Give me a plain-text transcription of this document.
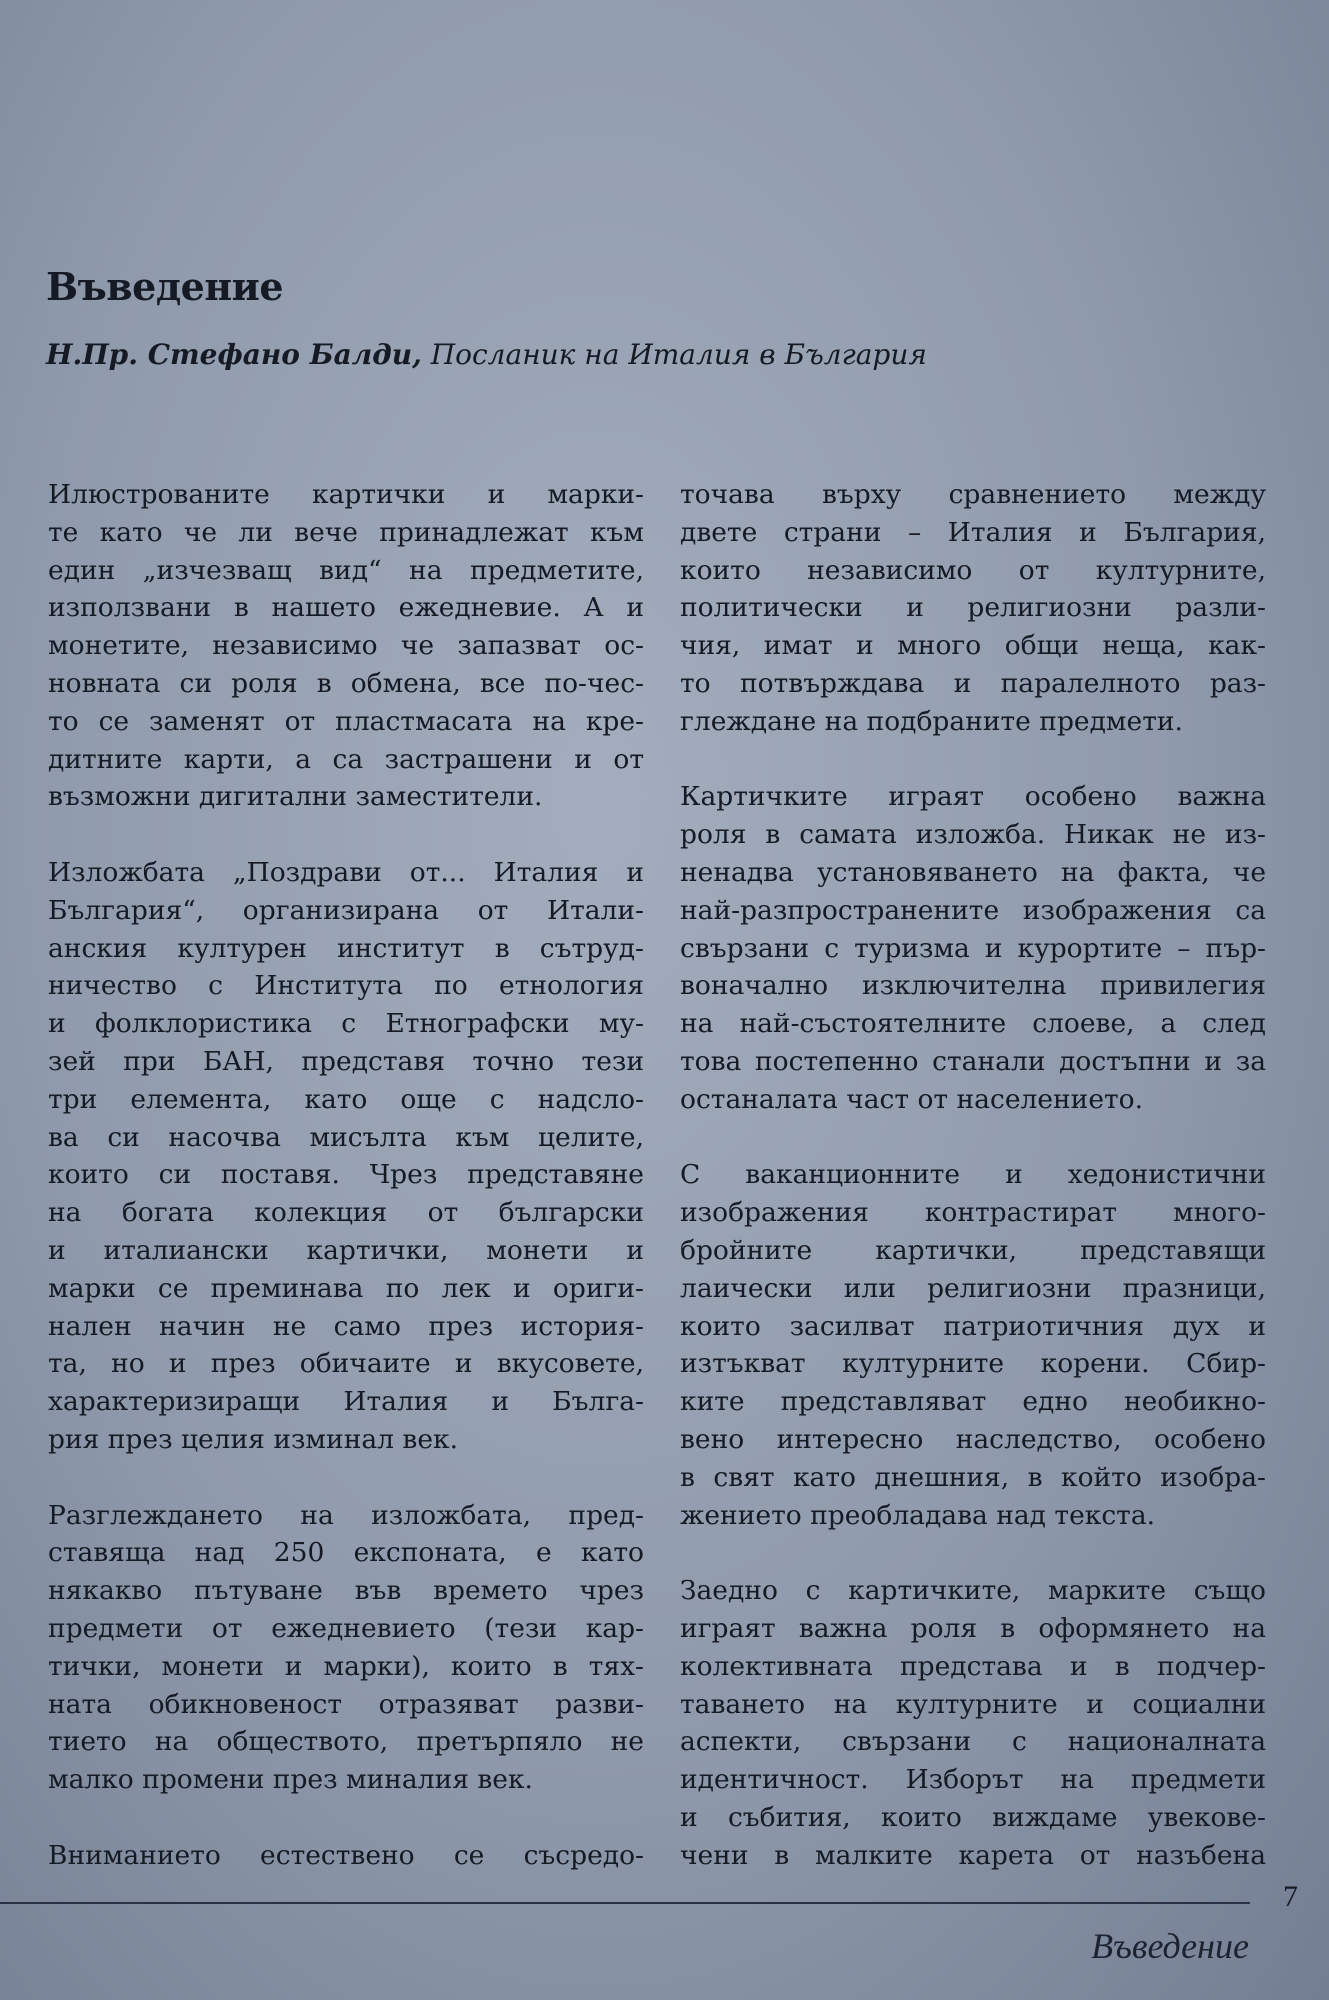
Въведение
Н.Пр. Стефано Балди, Посланик на Италия в България
Илюстрованите картички и марки-
те като че ли вече принадлежат към
един „изчезващ вид“ на предметите,
използвани в нашето ежедневие. А и
монетите, независимо че запазват ос-
новната си роля в обмена, все по-чес-
то се заменят от пластмасата на кре-
дитните карти, а са застрашени и от
възможни дигитални заместители.
Изложбата „Поздрави от... Италия и
България“, организирана от Итали-
анския културен институт в сътруд-
ничество с Института по етнология
и фолклористика с Етнографски му-
зей при БАН, представя точно тези
три елемента, като още с надсло-
ва си насочва мисълта към целите,
които си поставя. Чрез представяне
на богата колекция от български
и италиански картички, монети и
марки се преминава по лек и ориги-
нален начин не само през история-
та, но и през обичаите и вкусовете,
характеризиращи Италия и Бълга-
рия през целия изминал век.
Разглеждането на изложбата, пред-
ставяща над 250 експоната, е като
някакво пътуване във времето чрез
предмети от ежедневието (тези кар-
тички, монети и марки), които в тях-
ната обикновеност отразяват разви-
тието на обществото, претърпяло не
малко промени през миналия век.
Вниманието естествено се съсредо-
точава върху сравнението между
двете страни – Италия и България,
които независимо от културните,
политически и религиозни разли-
чия, имат и много общи неща, как-
то потвърждава и паралелното раз-
глеждане на подбраните предмети.
Картичките играят особено важна
роля в самата изложба. Никак не из-
ненадва установяването на факта, че
най-разпространените изображения са
свързани с туризма и курортите – пър-
воначално изключителна привилегия
на най-състоятелните слоеве, а след
това постепенно станали достъпни и за
останалата част от населението.
С ваканционните и хедонистични
изображения контрастират много-
бройните картички, представящи
лаически или религиозни празници,
които засилват патриотичния дух и
изтъкват културните корени. Сбир-
ките представляват едно необикно-
вено интересно наследство, особено
в свят като днешния, в който изобра-
жението преобладава над текста.
Заедно с картичките, марките също
играят важна роля в оформянето на
колективната представа и в подчер-
таването на културните и социални
аспекти, свързани с националната
идентичност. Изборът на предмети
и събития, които виждаме увекове-
чени в малките карета от назъбена
7
Въведение
